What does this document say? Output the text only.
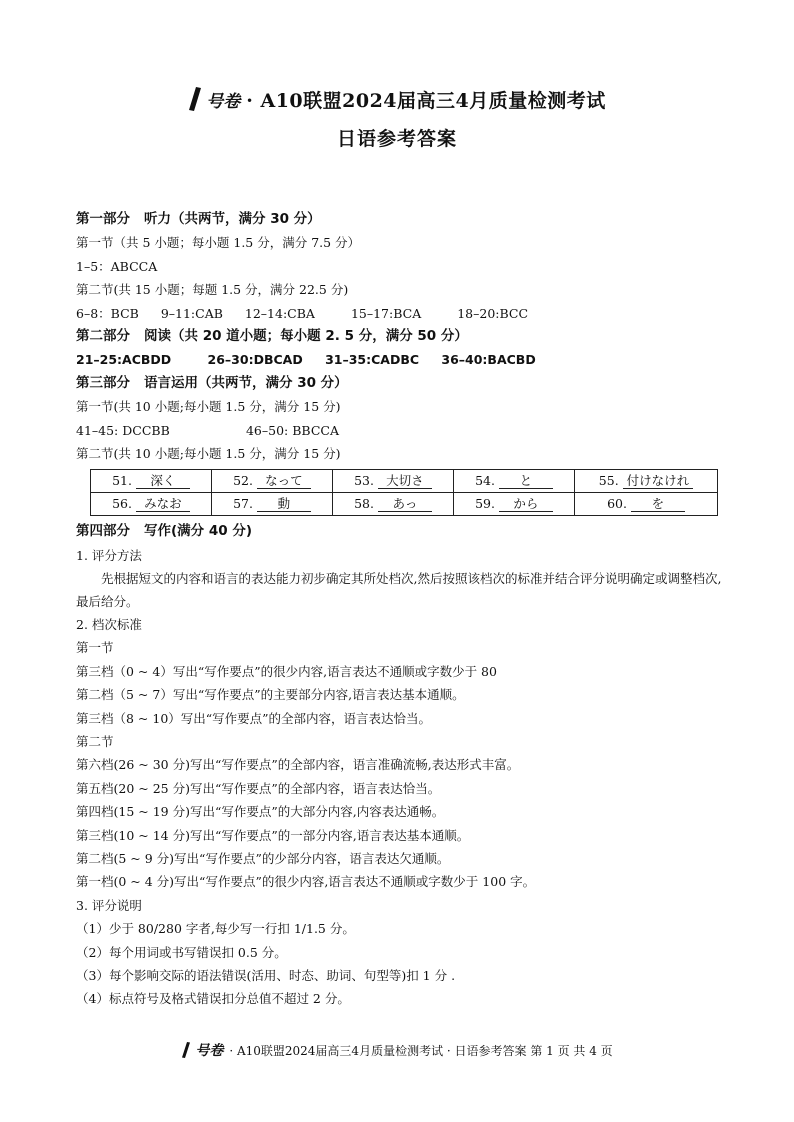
号卷 · A10联盟2024届高三4月质量检测考试
日语参考答案
第一部分 听力（共两节，满分 30 分）
第一节（共 5 小题；每小题 1.5 分，满分 7.5 分）
1–5：ABCCA
第二节(共 15 小题；每题 1.5 分，满分 22.5 分)
6–8：BCB 9–11:CAB 12–14:CBA	15–17:BCA	18–20:BCC
第二部分 阅读（共 20 道小题；每小题 2. 5 分，满分 50 分）
21–25:ACBDD	26–30:DBCAD 31–35:CADBC 36–40:BACBD
第三部分 语言运用（共两节，满分 30 分）
第一节(共 10 小题;每小题 1.5 分，满分 15 分)
41–45: DCCBB	46–50: BBCCA
第二节(共 10 小题;每小题 1.5 分，满分 15 分)
51. 深く	52. なって	53. 大切さ	54. と	55. 付けなけれ
56. みなお	57. 動	58. あっ	59. から	60. を
第四部分 写作(满分 40 分)
1. 评分方法
先根据短文的内容和语言的表达能力初步确定其所处档次,然后按照该档次的标准并结合评分说明确定或调整档次,最后给分。
2. 档次标准
第一节
第三档（0 ~ 4）写出“写作要点”的很少内容,语言表达不通顺或字数少于 80
第二档（5 ~ 7）写出“写作要点”的主要部分内容,语言表达基本通顺。
第三档（8 ~ 10）写出“写作要点”的全部内容，语言表达恰当。
第二节
第六档(26 ~ 30 分)写出“写作要点”的全部内容，语言准确流畅,表达形式丰富。
第五档(20 ~ 25 分)写出“写作要点”的全部内容，语言表达恰当。
第四档(15 ~ 19 分)写出“写作要点”的大部分内容,内容表达通畅。
第三档(10 ~ 14 分)写出“写作要点”的一部分内容,语言表达基本通顺。
第二档(5 ~ 9 分)写出“写作要点”的少部分内容，语言表达欠通顺。
第一档(0 ~ 4 分)写出“写作要点”的很少内容,语言表达不通顺或字数少于 100 字。
3. 评分说明
（1）少于 80/280 字者,每少写一行扣 1/1.5 分。
（2）每个用词或书写错误扣 0.5 分。
（3）每个影响交际的语法错误(活用、时态、助词、句型等)扣 1 分 .
（4）标点符号及格式错误扣分总值不超过 2 分。
号卷 · A10联盟2024届高三4月质量检测考试 · 日语参考答案 第 1 页 共 4 页
